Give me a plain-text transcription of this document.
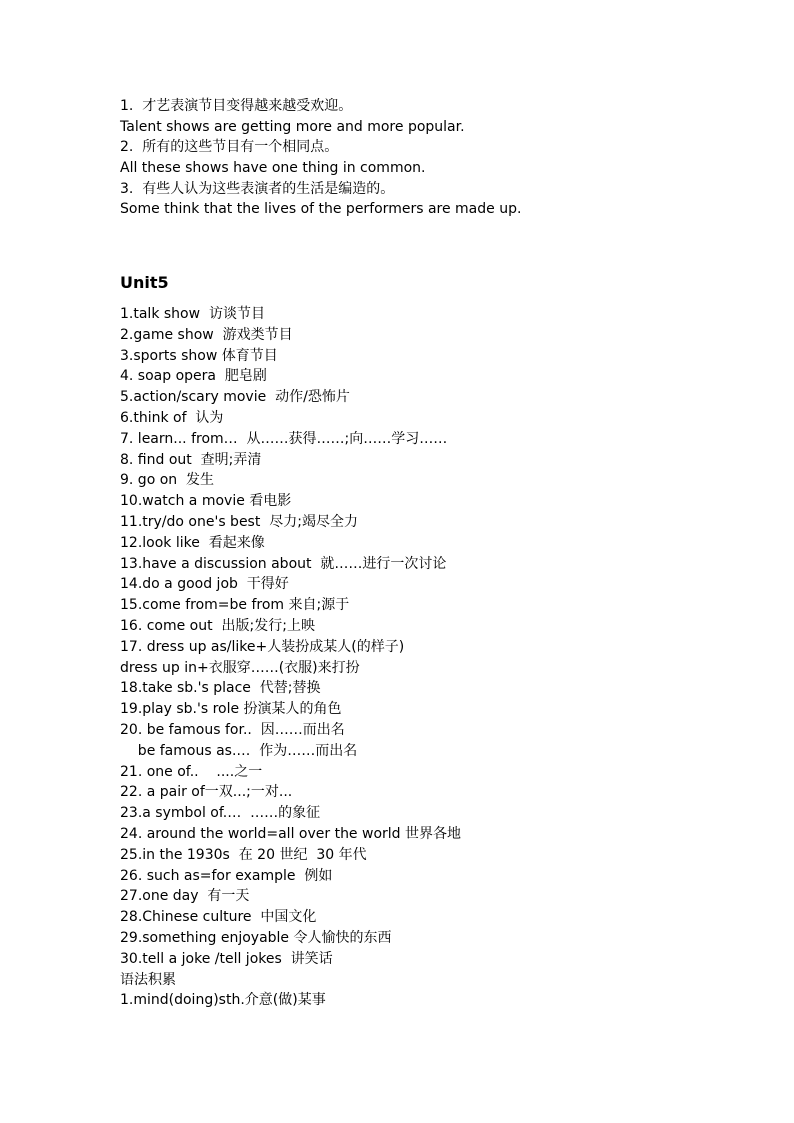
1.  才艺表演节目变得越来越受欢迎。
Talent shows are getting more and more popular.
2.  所有的这些节目有一个相同点。
All these shows have one thing in common.
3.  有些人认为这些表演者的生活是编造的。
Some think that the lives of the performers are made up.
Unit5
1.talk show  访谈节目
2.game show  游戏类节目
3.sports show 体育节目
4. soap opera  肥皂剧
5.action/scary movie  动作/恐怖片
6.think of  认为
7. learn... from…  从……获得……;向……学习……
8. find out  查明;弄清
9. go on  发生
10.watch a movie 看电影
11.try/do one's best  尽力;竭尽全力
12.look like  看起来像
13.have a discussion about  就……进行一次讨论
14.do a good job  干得好
15.come from=be from 来自;源于
16. come out  出版;发行;上映
17. dress up as/like+人装扮成某人(的样子)
dress up in+衣服穿……(衣服)来打扮
18.take sb.'s place  代替;替换
19.play sb.'s role 扮演某人的角色
20. be famous for..  因……而出名
be famous as.…  作为……而出名
21. one of..    ....之一
22. a pair of一双...;一对...
23.a symbol of.…  ……的象征
24. around the world=all over the world 世界各地
25.in the 1930s  在 20 世纪  30 年代
26. such as=for example  例如
27.one day  有一天
28.Chinese culture  中国文化
29.something enjoyable 令人愉快的东西
30.tell a joke /tell jokes  讲笑话
语法积累
1.mind(doing)sth.介意(做)某事
